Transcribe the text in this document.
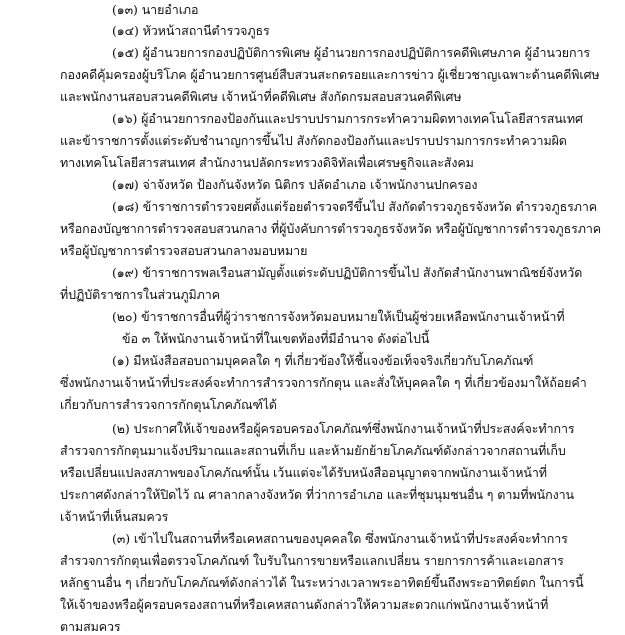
(๑๓) นายอำเภอ
(๑๔) หัวหน้าสถานีตำรวจภูธร
(๑๕) ผู้อำนวยการกองปฏิบัติการพิเศษ ผู้อำนวยการกองปฏิบัติการคดีพิเศษภาค ผู้อำนวยการ
กองคดีคุ้มครองผู้บริโภค ผู้อำนวยการศูนย์สืบสวนสะกดรอยและการข่าว ผู้เชี่ยวชาญเฉพาะด้านคดีพิเศษ
และพนักงานสอบสวนคดีพิเศษ เจ้าหน้าที่คดีพิเศษ สังกัดกรมสอบสวนคดีพิเศษ
(๑๖) ผู้อำนวยการกองป้องกันและปราบปรามการกระทำความผิดทางเทคโนโลยีสารสนเทศ
และข้าราชการตั้งแต่ระดับชำนาญการขึ้นไป สังกัดกองป้องกันและปราบปรามการกระทำความผิด
ทางเทคโนโลยีสารสนเทศ สำนักงานปลัดกระทรวงดิจิทัลเพื่อเศรษฐกิจและสังคม
(๑๗) จ่าจังหวัด ป้องกันจังหวัด นิติกร ปลัดอำเภอ เจ้าพนักงานปกครอง
(๑๘) ข้าราชการตำรวจยศตั้งแต่ร้อยตำรวจตรีขึ้นไป สังกัดตำรวจภูธรจังหวัด ตำรวจภูธรภาค
หรือกองบัญชาการตำรวจสอบสวนกลาง ที่ผู้บังคับการตำรวจภูธรจังหวัด หรือผู้บัญชาการตำรวจภูธรภาค
หรือผู้บัญชาการตำรวจสอบสวนกลางมอบหมาย
(๑๙) ข้าราชการพลเรือนสามัญตั้งแต่ระดับปฏิบัติการขึ้นไป สังกัดสำนักงานพาณิชย์จังหวัด
ที่ปฏิบัติราชการในส่วนภูมิภาค
(๒๐) ข้าราชการอื่นที่ผู้ว่าราชการจังหวัดมอบหมายให้เป็นผู้ช่วยเหลือพนักงานเจ้าหน้าที่
ข้อ ๓ ให้พนักงานเจ้าหน้าที่ในเขตท้องที่มีอำนาจ ดังต่อไปนี้
(๑) มีหนังสือสอบถามบุคคลใด ๆ ที่เกี่ยวข้องให้ชี้แจงข้อเท็จจริงเกี่ยวกับโภคภัณฑ์
ซึ่งพนักงานเจ้าหน้าที่ประสงค์จะทำการสำรวจการกักตุน และสั่งให้บุคคลใด ๆ ที่เกี่ยวข้องมาให้ถ้อยคำ
เกี่ยวกับการสำรวจการกักตุนโภคภัณฑ์ได้
(๒) ประกาศให้เจ้าของหรือผู้ครอบครองโภคภัณฑ์ซึ่งพนักงานเจ้าหน้าที่ประสงค์จะทำการ
สำรวจการกักตุนมาแจ้งปริมาณและสถานที่เก็บ และห้ามยักย้ายโภคภัณฑ์ดังกล่าวจากสถานที่เก็บ
หรือเปลี่ยนแปลงสภาพของโภคภัณฑ์นั้น เว้นแต่จะได้รับหนังสืออนุญาตจากพนักงานเจ้าหน้าที่
ประกาศดังกล่าวให้ปิดไว้ ณ ศาลากลางจังหวัด ที่ว่าการอำเภอ และที่ชุมนุมชนอื่น ๆ ตามที่พนักงาน
เจ้าหน้าที่เห็นสมควร
(๓) เข้าไปในสถานที่หรือเคหสถานของบุคคลใด ซึ่งพนักงานเจ้าหน้าที่ประสงค์จะทำการ
สำรวจการกักตุนเพื่อตรวจโภคภัณฑ์ ใบรับในการขายหรือแลกเปลี่ยน รายการการค้าและเอกสาร
หลักฐานอื่น ๆ เกี่ยวกับโภคภัณฑ์ดังกล่าวได้ ในระหว่างเวลาพระอาทิตย์ขึ้นถึงพระอาทิตย์ตก ในการนี้
ให้เจ้าของหรือผู้ครอบครองสถานที่หรือเคหสถานดังกล่าวให้ความสะดวกแก่พนักงานเจ้าหน้าที่
ตามสมควร
